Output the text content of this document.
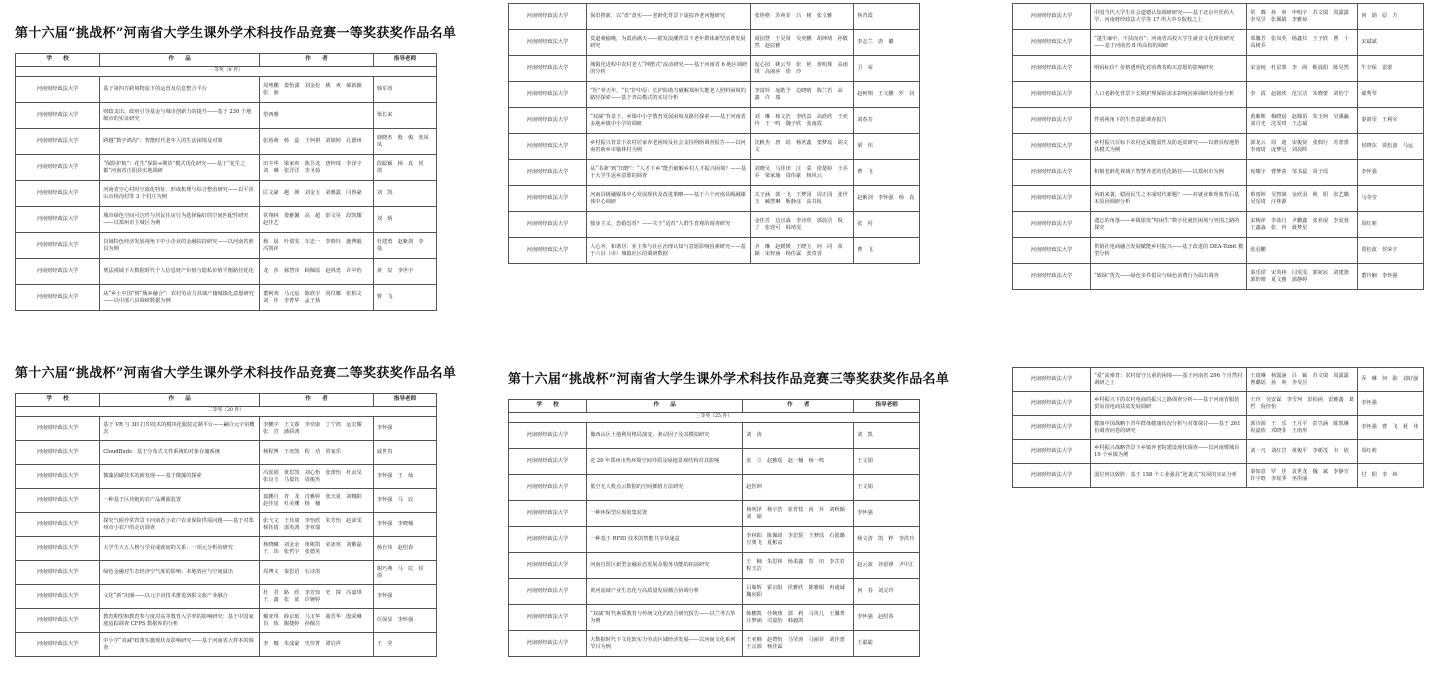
第十六届“挑战杯”河南省大学生课外学术科技作品竞赛一等奖获奖作品名单
学　　校	作　　品	作　　者	指导老师
一等奖（9 件）			
河南财经政法大学	基于第四方跨境物流下的运营及信息整合平台	周粤鹏　娄怡潇　刘金松　姚　爽　郝新颖　张　丽	韩军涛
河南财经政法大学	财政支出、政府引导基金与城市创新力的提升——基于 230 个地级市的实证研究	望西雅	梁长来
河南财经政法大学	跨越“数字鸿沟”：智能时代老年人的生活困境及对策	张裕萌　杨　蕊　王柯祺　刘婧婷　孔德州	鹿晓杰　殷　俊　张凤凤
河南财经政法大学	“保险护航”：花生“保险+期货”模式优化研究——基于“花生之都”河南省正阳县实地调研	田丰华　梁家爽　陈昱龙　唐梓琦　李泽宇　刘　琳　张洋洋　李圣茹	段聪颖　杨　真　侯　倩
河南财经政法大学	河南省空心村时空演化特征、形成机理与综合整治研究——以平顶山市杨沟村等 3 个村庄为例	匡文豪　越　颜　刘金玉　刘雅露　闫鲁豪	刘　凯
河南财经政法大学	城市绿色空间可达性与居民住房行为选择偏好的空间匹配性研究——以郑州市主城区为例	常翔林　娄雅馨　高　超　彭文昊　段凯耀　赵佳艺	刘　炳
河南财经政法大学	县域特色经济发展视角下中小企业的金融扶持研究——以河南省淮县为例	杨　晨　叶倩雯　车忠一　李晗钰　施博毅　冯凯祥	杜建勇　赵紫剑　李　曼
河南财经政法大学	刑法视域下大数据时代个人信息财产价值与隐私价值平衡路径优化	龙　莎　郝慧泽　顾佩瑶　赵林勇　许中怡	黄　辰　李世宇
河南财经政法大学	从“乡土中国”到“城乡融合”：农村劳动力县域产籍城镇化意愿研究——以中部六县调研数据为例	董柯欢　马元宸　陈欣宇　尚仪娜　张柏文　刘　佳　李菁华　孟子扬	曹　飞
河南财经政法大学	保旧推新，以“盘”盘实——老龄化背景下虚拟养老问题研究	张艳格　苏爽菲　吕　树　张文雅	焦青霞
河南财经政法大学	莫道桑榆晚，为霞尚满天——银发浪潮背景下老年群体新型消费发展研究	聂园慧　王昊贤　吴奕鹏　胡坤靖　孙敬然　赵辰雅	李志兰　唐　璐
河南财经政法大学	城镇化进程中农村老人“钟摆式”流动研究——基于河南省 6 地区调研的分析	庞心园　姚云琴　张　艳　黄明珠　高雨琪　高丽萍　徐　玲	卫　荣
河南财经政法大学	“医”养天年，“长”护中原：长护险助力破解郑州失能老人照料困境的路径探索——基于青岛模式的实证分析	李富铃　庞皓予　边晓晴　陈兰若　高　鑫　许　瑞	赵柯翔　王文鹏　罗　钊
河南财经政法大学	“双减”背景下，乡镇中小学教育发展困境及路径探索——基于河南省多地乡镇中小学的调研	刘　琳　杨文浩　李欣益　高欣欣　王奕玲　王一鸣　魏子欣　张南霞	刘春芳
河南财经政法大学	乡村振兴背景下农村居家养老困境及社会支持网络调查报告——以河南省新乡市榆林村为例	沈帆杰　唐　瑶　杨茗鑫　窦梦瑶　胡文文	梁　伟
河南财经政法大学	从“书斋”到“田野”：“人才下乡”能否破解乡村人才振兴困境？——基于大学生返乡意愿的调查	刘晓吴　马佳田　汪　菜　徐楚婷　王乔乔　梁家瑜　周伟豪　杨风云	曹　飞
河南财经政法大学	河南县级融媒体中心发展现状及改进策略——基于六个河南县级融媒体中心调研	关子涵　郭一飞　王梦园　周正园　张世玉　臧慧琳　靳静彦　高书杭	赵紫剑　李怀强　杨　真
河南财经政法大学	独身主义、恐婚恐育？——关于“适育”人群生育观的调查研究	金佳芳　边宜淼　李诗欣　郭晨洁　倪　了　张迎可　韩靖雯	张　村
河南财经政法大学	人心齐，和谐居：业主参与社区治理认知与意愿影响因素研究——基于六县（市）城镇社区的调研数据	齐　琳　赵媛媛　王晓玉　何　同　苗　颖　宋梓涵　杨佳霖　张贵香	曹　飞
河南财经政法大学	中国当代大学生社会道德认知调研研究——基于北京中医药大学、河南财经政法大学等 17 所大中专院校之上	常　腾　孙　爽　申明宇　苏文瑞　周露露　李旻昱　张佩婧　李雅琼	何　勋　原　方
河南财经政法大学	“蓬生麻中，不扶而直”：河南省高校大学生就业文化现状研究——基于河南省 8 所高校的调研	邓馨芳　张凤英　杨鑫仪　王子欣　曹　十　高树乔	宋斌斌
河南财经政法大学	明码标价？价格透明化对消费者购买意愿的影响研究	宋金纯　杜星蒙　李　阁　靳晨阳　陈昊然	牛全保　雷蕾
河南财经政法大学	人口老龄化背景下长期护理保险需求影响因素调研及经验分析	李　霞　赵铭欣　范宝洁　朱晓蕾　刘怡宁	郝秀琴
河南财经政法大学	性别视角下的生育意愿调查报告	黄紫斯　梅晓晨　赵佩苗　朱玉柯　吴溪瀛　刘月光　沈雯琪　王志斌	秦润雯　王利军
河南财经政法大学	乡村振兴目标下农村返贫脆弱性及防返贫研究——以滑县校地帮扶模式为例	郭龙云　周　迪　宋俊贤　张佃行　苏蕾蕾　李雨琦　庞梦冠　刘晨晖	侯晓东　贾松波　马运
河南财经政法大学	积极老龄化视域下智慧养老的优化路径——以郑州市为例	宛耀宇　曹梦菡　邹书蕊　周子瑶	李怀强
河南财经政法大学	风雨来袭，稳固民生之本成时代新题？——对就业难现象背后基本原因调研分析	蔡雨婷　吴智制　金欣羽　谯　阳　张艺璐　吴星琦　汪林源	马莹莹
河南财经政法大学	遗忘的角落——乡镇银发“特困生”数字化就医困境与突围之路的探究	宋梅萍　李泳月　尹鹏鑫　张亚琨　李夏蓉　王鑫淼　张　冉　聂梦星	周红莉
河南财经政法大学	供销社电商融合发展赋能乡村振兴——基于改进的 DEA-Tobit 模型分析	张羽鹏	贾松波　侯荣宇
河南财经政法大学	“致绿”优先——绿色多件倡议与绿色消费行为温出调查	秦乐滢　宋英林　闫雯雯　郭宛宸　刘建骁　郭怡晴　夏文雅　郭静婷	董玲娴　李怀强
第十六届“挑战杯”河南省大学生课外学术科技作品竞赛二等奖获奖作品名单
学　　校	作　　品	作　　者	指导老师
二等奖（20 件）			
河南财经政法大学	基于 VR 与 3D 打印技术的模块化服装定制平台——翩合元宇宙概念	李鹏宇　王文睿　李奕康　丁宁鸿　运宏耀　张　岩　潘骄鸿	李怀强
河南财经政法大学	CloudBuds：基于分布式文件系统的对象存储系统	杨程博　王奕凯　程　功　常家乐	戚世贵
河南财经政法大学	微藻固碳技术的新发现——基于微藻的探索	冯瑶娟　黄思凯　刘心怡　张蕾怡　杜贞旻　张良玉　马嘉钰　周俊杰	李怀强　王　灿
河南财经政法大学	一种基于区块链的农产品溯源装置	嘉鹏月　青　龙　肖雅婷　张天夏　刘娜阳　赵佳星　杜美珊　杨　楠	李怀强　马　辰
河南财经政法大学	探究气候异常背景下河南省小农户农业保险供需问题——基于对郑州市小农户的走访调查	张弋文　王佳康　李怡欣　朱芳怡　赵沛雯　杨钰倩　郭英鸿　李亚瑞	李怀强　李晓楠
河南财经政法大学	大学生大五人格与学业成就间的关系：一项元分析的研究	杨晓曦　刘金金　黄彬凯　宋冰寒　刘紫磊　王　玮　张哲宇　张德英	杨自伟　赵绍春
河南财经政法大学	绿色金融对生态经济空气度的影响：本地效应与空间溢出	周博文　秦思语　石诗羡	谢巧燕　马　辰　侯　倩
河南财经政法大学	文化“新”出圈——以元宇宙技术推进洛阳文旅产业融合	杜　君　路　欣　李芳知　史　探　冯嘉琪　王　鑫　张　欲　许婉婷	李怀强
河南财经政法大学	教育期望和教育参与度对高等教育入学率的影响研究：基于中国家庭追踪调查 CFPS 数据库的分析	戴亚琪　薛京珉　马玉华　曲晋华　殷荣琳　肖　炼　陶捷婷　孙佩昱	任保显　李怀强
河南财经政法大学	中小学“双减”政策实施现状及影响研究——基于河南省大样本的调查	李　娜　朱成豪　史佳菁　谭启祥	王　莹
第十六届“挑战杯”河南省大学生课外学术科技作品竞赛三等奖获奖作品名单
学　　校	作　　品	作　　者	指导老师
三等奖（25 件）			
河南财经政法大学	豫西山区土地利用格局演变、驱动因子及其模拟研究	刘　涛	刘　凯
河南财经政法大学	近 20 年郑州市热环境空间异质及绿地景观结构对其影响	张　立　赵雅瑶　赵一楠　杨一鸣	王文娟
河南财经政法大学	低空无人机点云数据的空间插值方法研究	赵医坤	王文娟
河南财经政法大学	一种环保型垃圾收集装置	杨明泽　杨宇浩　崔育枝　尚　昇　刘秋颖　刘　硕	李怀强
河南财经政法大学	一种基于 RFID 技术的智能共享快递盒	李林阳　陈佩琦　李思悦　王梦瑶　石银璐　豆奥飞　夏彬益	杨文清　凯　粹　李洪玲
河南财经政法大学	河南自贸区新型金融业态发展及服务功能的拓展研究	王　楠　朱思林　杨柔鑫　贺　田　李芷若　程玉洁	赵云波　谷留锋　尹中汇
河南财经政法大学	黄河流域产业生态化与高质量发展耦合协调分析	吕瓶辉　霍京阳　侯雅欣　陈雅娟　冉通诚　魏向阳	何　春　刘灵玲
河南财经政法大学	“双减”时代素质教育与传统文化的结合研究报告——以兰考古筝为例	韩鹏凯　佳婉琰　郭　莉　马英儿　王馨菁　汪梦涵　司嘉怡　韩毅鸽	李怀强　赵绍春
河南财经政法大学	大数据时代下文化软实力劳动区域经济发展——以河南文化系列节目为例	王亚楠　赵赞怡　马莹涛　马丽菲　刘佳蕾　王宗源　杨佳霖	王聪聪
河南财经政法大学	“爱”流难育：农村留守儿童的困境——基于河南省 296 个自然村调研之上	王琦琳　杨露涵　吕　颖　苏文瑞　周露露　曹璐瑶　孙　爽　李旻昱	乔　琳　何　勋　刘好强
河南财经政法大学	乡村振兴下的农村电商的振兴之路调查分析——基于河南省服装贸易园电商扶贫发展调研	王玲　吴安霖　李雪珂　彭柏函　雷雅鑫　葛　哲　倪佳怡	李怀强
河南财经政法大学	健康中国战略下青年群体健康状况分析与对策探讨——基于 261 份调查问卷的研究	郭诗源　王　乐　王月平　彭笠涵　陈凯琳　祝嘉依　邓晓菲　王雨形	李怀强　曹　飞　聂　伟
河南财经政法大学	乡村振兴战略背景下乡镇养老院建设现状调查——以河南郸城县 19 个乡镇为例	刘一凡　刘红岩　黄俊平　李栀茂　韦　依	周红莉
河南财经政法大学	弱位何以致胜：基于 158 个工业强县“逆袭式”发展的实证分析	秦如意　罗　佳　袁世龙　魏　斌　李静宣　许宇晗　李瑶荠　巫彤丽	付　阳　李　林
